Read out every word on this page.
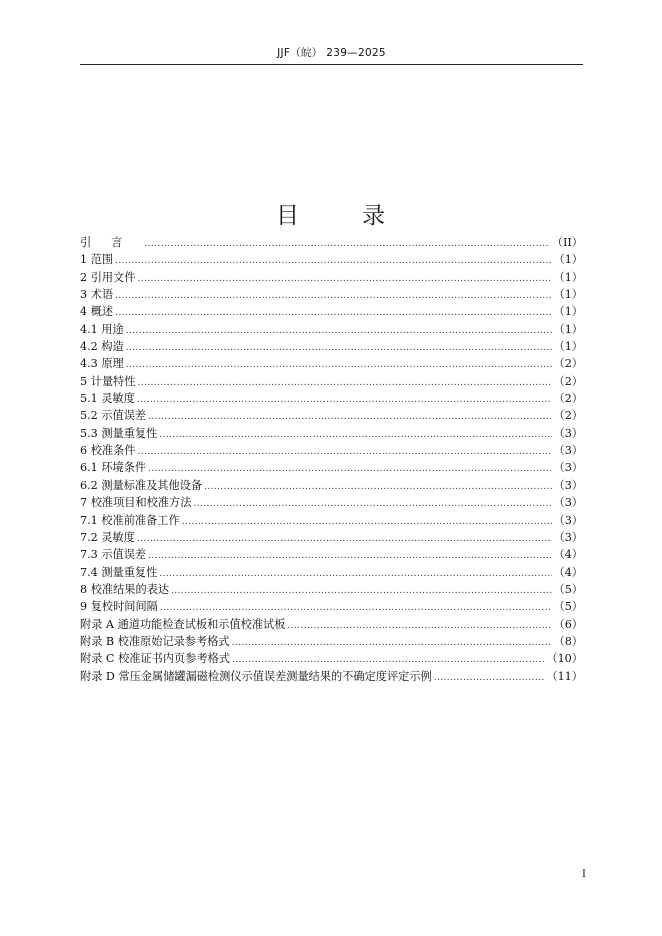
JJF（皖） 239—2025
目	录
引言 .....	（II）
1 范围 .....	（1）
2 引用文件 .....	（1）
3 术语 .....	（1）
4 概述 .....	（1）
4.1 用途 .....	（1）
4.2 构造 .....	（1）
4.3 原理 .....	（2）
5 计量特性 .....	（2）
5.1 灵敏度 .....	（2）
5.2 示值误差 .....	（2）
5.3 测量重复性 .....	（3）
6 校准条件 .....	（3）
6.1 环境条件 .....	（3）
6.2 测量标准及其他设备 .....	（3）
7 校准项目和校准方法 .....	（3）
7.1 校准前准备工作 .....	（3）
7.2 灵敏度 .....	（3）
7.3 示值误差 .....	（4）
7.4 测量重复性 .....	（4）
8 校准结果的表达 .....	（5）
9 复校时间间隔 .....	（5）
附录 A 通道功能检查试板和示值校准试板 .....	（6）
附录 B 校准原始记录参考格式 .....	（8）
附录 C 校准证书内页参考格式 .....	（10）
附录 D 常压金属储罐漏磁检测仪示值误差测量结果的不确定度评定示例 .....	（11）
I
